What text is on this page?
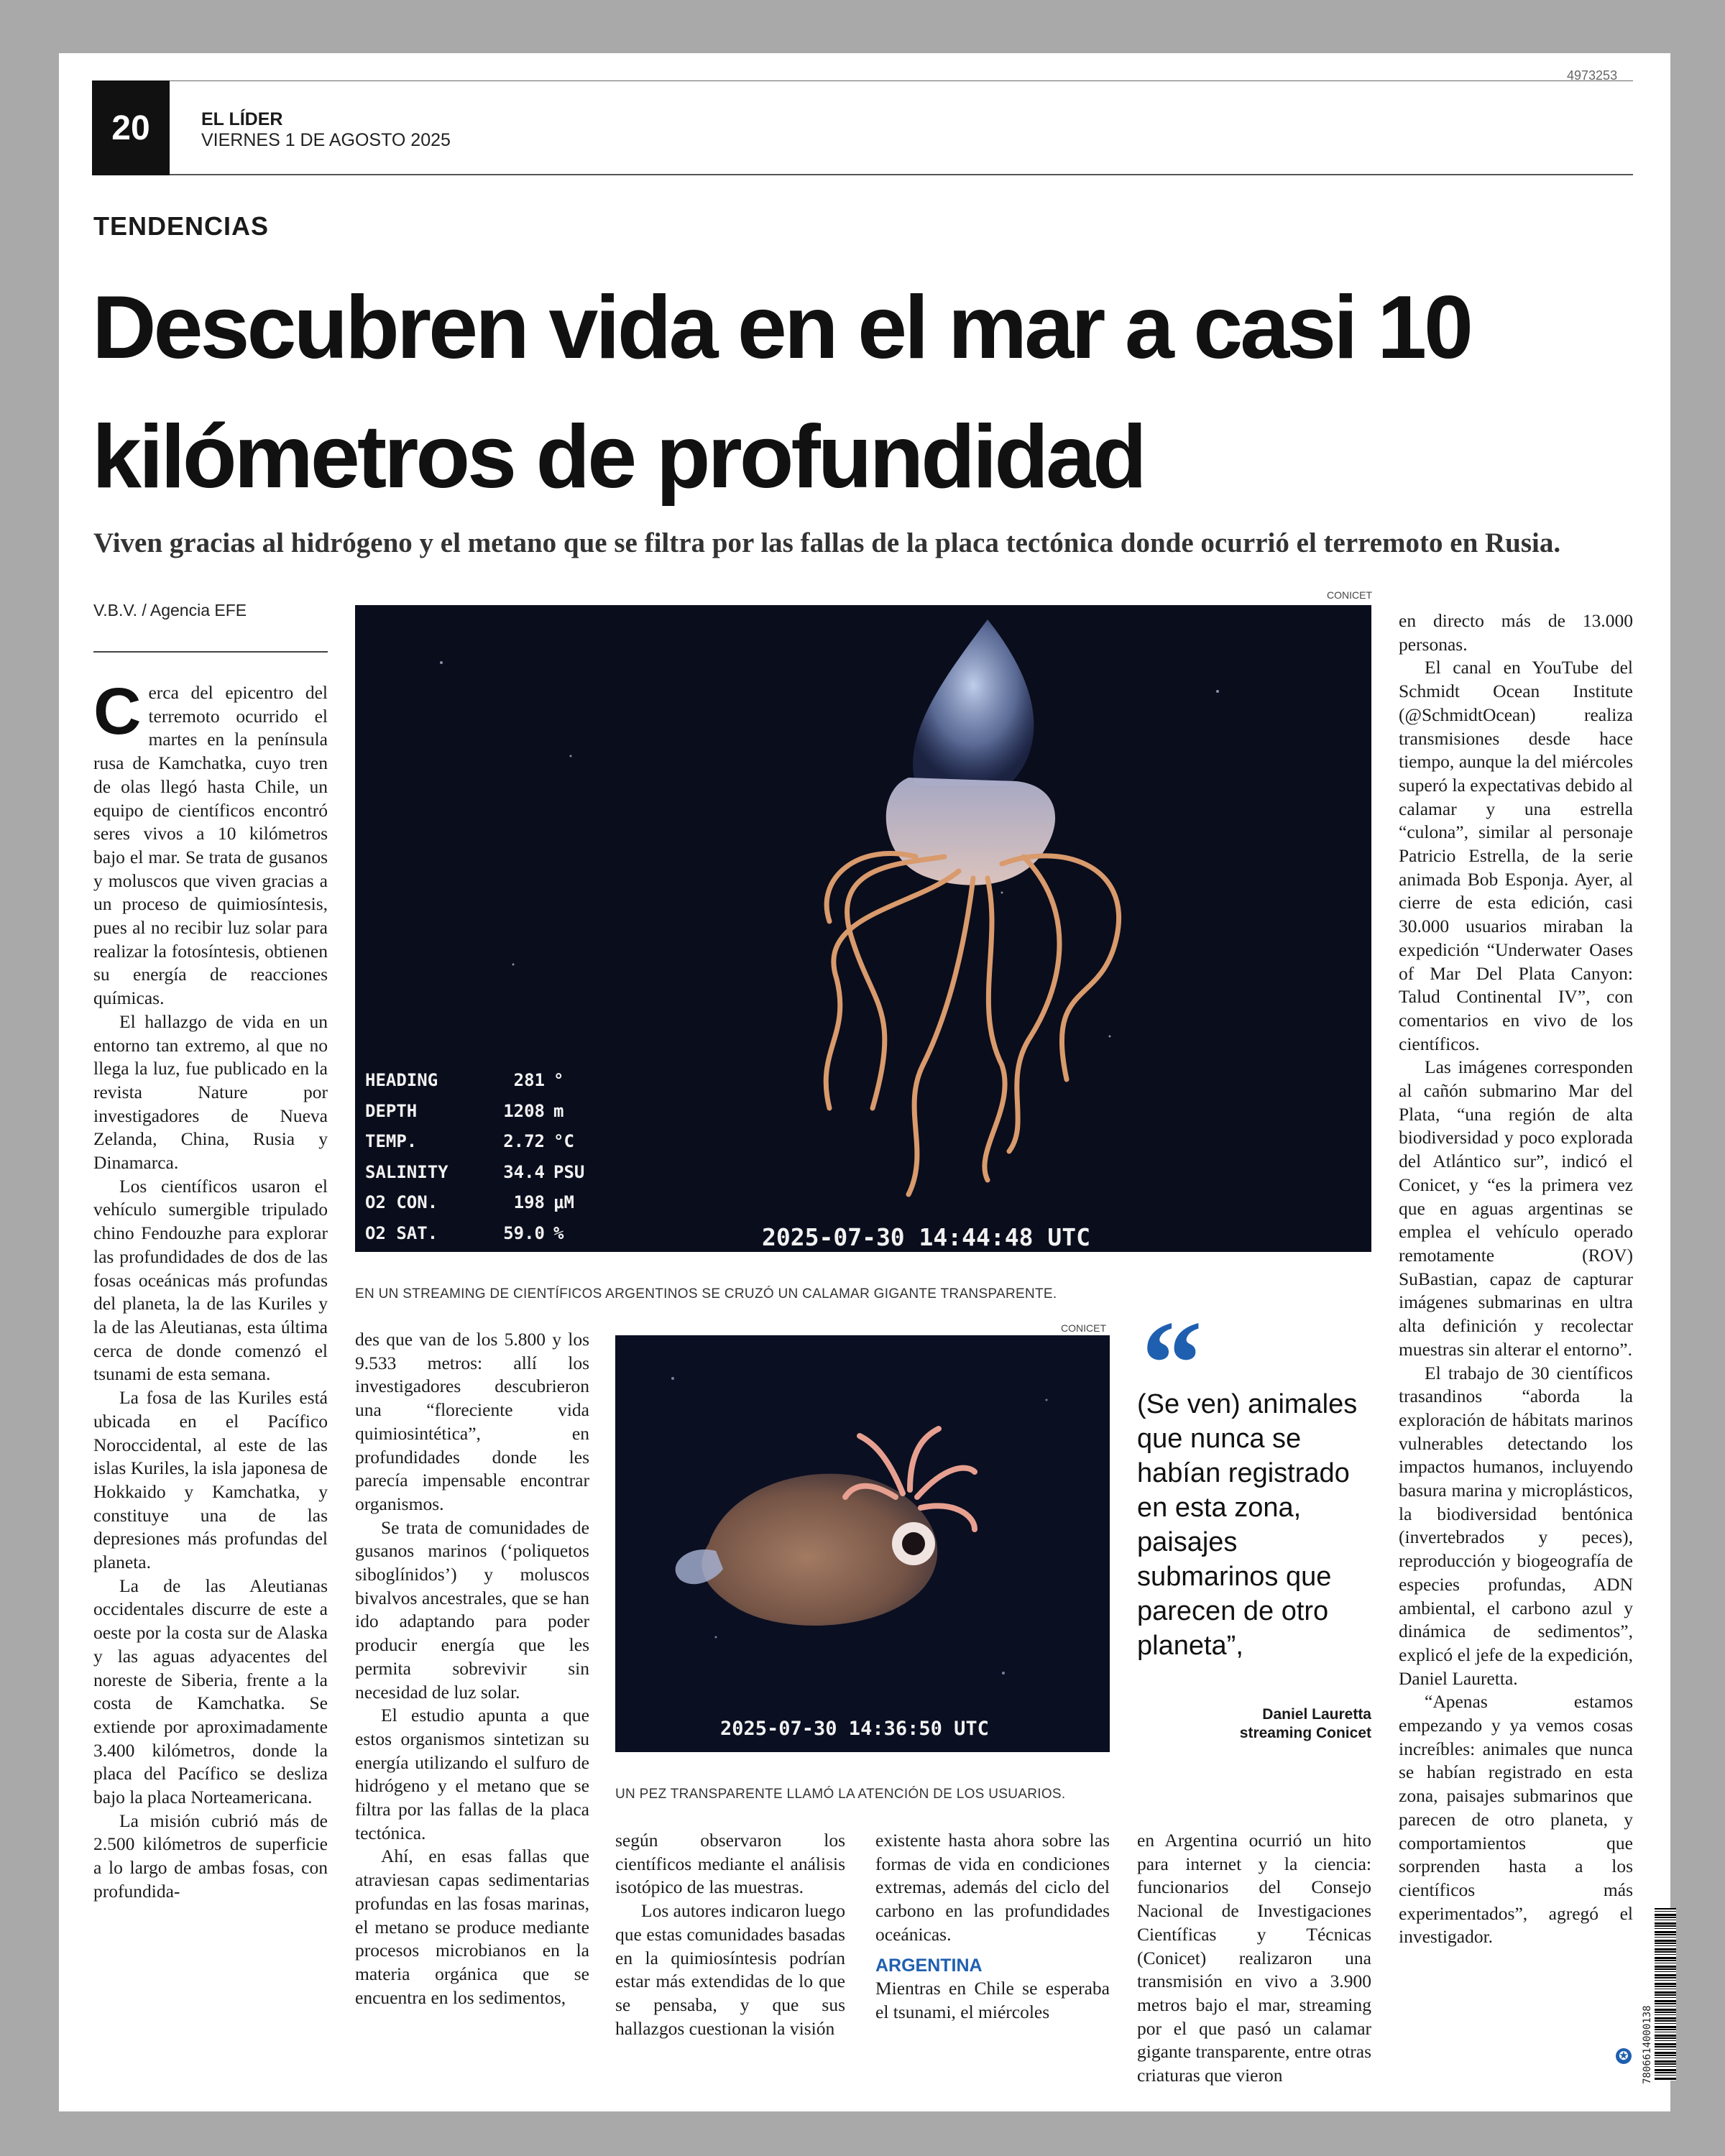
4973253
20	EL LÍDER
VIERNES 1 DE AGOSTO 2025
TENDENCIAS
Descubren vida en el mar a casi 10 kilómetros de profundidad
Viven gracias al hidrógeno y el metano que se filtra por las fallas de la placa tectónica donde ocurrió el terremoto en Rusia.
V.B.V. / Agencia EFE

Cerca del epicentro del terremoto ocurrido el martes en la península rusa de Kamchatka, cuyo tren de olas llegó hasta Chile, un equipo de científicos encontró seres vivos a 10 kilómetros bajo el mar. Se trata de gusanos y moluscos que viven gracias a un proceso de quimiosíntesis, pues al no recibir luz solar para realizar la fotosíntesis, obtienen su energía de reacciones químicas.

El hallazgo de vida en un entorno tan extremo, al que no llega la luz, fue publicado en la revista Nature por investigadores de Nueva Zelanda, China, Rusia y Dinamarca.

Los científicos usaron el vehículo sumergible tripulado chino Fendouzhe para explorar las profundidades de dos de las fosas oceánicas más profundas del planeta, la de las Kuriles y la de las Aleutianas, esta última cerca de donde comenzó el tsunami de esta semana.

La fosa de las Kuriles está ubicada en el Pacífico Noroccidental, al este de las islas Kuriles, la isla japonesa de Hokkaido y Kamchatka, y constituye una de las depresiones más profundas del planeta.

La de las Aleutianas occidentales discurre de este a oeste por la costa sur de Alaska y las aguas adyacentes del noreste de Siberia, frente a la costa de Kamchatka. Se extiende por aproximadamente 3.400 kilómetros, donde la placa del Pacífico se desliza bajo la placa Norteamericana.

La misión cubrió más de 2.500 kilómetros de superficie a lo largo de ambas fosas, con profundida-

CONICET
HEADING	281 °
DEPTH	1208 m
TEMP.	2.72 °C
SALINITY	34.4 PSU
O2 CON.	198 μM
O2 SAT.	59.0 %	2025-07-30 14:44:48 UTC
EN UN STREAMING DE CIENTÍFICOS ARGENTINOS SE CRUZÓ UN CALAMAR GIGANTE TRANSPARENTE.

des que van de los 5.800 y los 9.533 metros: allí los investigadores descubrieron una “floreciente vida quimiosintética”, en profundidades donde les parecía impensable encontrar organismos.

Se trata de comunidades de gusanos marinos (‘poliquetos siboglínidos’) y moluscos bivalvos ancestrales, que se han ido adaptando para poder producir energía que les permita sobrevivir sin necesidad de luz solar.

El estudio apunta a que estos organismos sintetizan su energía utilizando el sulfuro de hidrógeno y el metano que se filtra por las fallas de la placa tectónica.

Ahí, en esas fallas que atraviesan capas sedimentarias profundas en las fosas marinas, el metano se produce mediante procesos microbianos en la materia orgánica que se encuentra en los sedimentos,

CONICET
2025-07-30 14:36:50 UTC
UN PEZ TRANSPARENTE LLAMÓ LA ATENCIÓN DE LOS USUARIOS.

según observaron los científicos mediante el análisis isotópico de las muestras.

Los autores indicaron luego que estas comunidades basadas en la quimiosíntesis podrían estar más extendidas de lo que se pensaba, y que sus hallazgos cuestionan la visión

existente hasta ahora sobre las formas de vida en condiciones extremas, además del ciclo del carbono en las profundidades oceánicas.

ARGENTINA

Mientras en Chile se esperaba el tsunami, el miércoles

“
(Se ven) animales que nunca se habían registrado en esta zona, paisajes submarinos que parecen de otro planeta”,
Daniel Lauretta
streaming Conicet

en Argentina ocurrió un hito para internet y la ciencia: funcionarios del Consejo Nacional de Investigaciones Científicas y Técnicas (Conicet) realizaron una transmisión en vivo a 3.900 metros bajo el mar, streaming por el que pasó un calamar gigante transparente, entre otras criaturas que vieron

en directo más de 13.000 personas.

El canal en YouTube del Schmidt Ocean Institute (@SchmidtOcean) realiza transmisiones desde hace tiempo, aunque la del miércoles superó la expectativas debido al calamar y una estrella “culona”, similar al personaje Patricio Estrella, de la serie animada Bob Esponja. Ayer, al cierre de esta edición, casi 30.000 usuarios miraban la expedición “Underwater Oases of Mar Del Plata Canyon: Talud Continental IV”, con comentarios en vivo de los científicos.

Las imágenes corresponden al cañón submarino Mar del Plata, “una región de alta biodiversidad y poco explorada del Atlántico sur”, indicó el Conicet, y “es la primera vez que en aguas argentinas se emplea el vehículo operado remotamente (ROV) SuBastian, capaz de capturar imágenes submarinas en ultra alta definición y recolectar muestras sin alterar el entorno”.

El trabajo de 30 científicos trasandinos “aborda la exploración de hábitats marinos vulnerables detectando los impactos humanos, incluyendo basura marina y microplásticos, la biodiversidad bentónica (invertebrados y peces), reproducción y biogeografía de especies profundas, ADN ambiental, el carbono azul y dinámica de sedimentos”, explicó el jefe de la expedición, Daniel Lauretta.

“Apenas estamos empezando y ya vemos cosas increíbles: animales que nunca se habían registrado en esta zona, paisajes submarinos que parecen de otro planeta, y comportamientos que sorprenden hasta a los científicos más experimentados”, agregó el investigador.

✪	7806614000138
